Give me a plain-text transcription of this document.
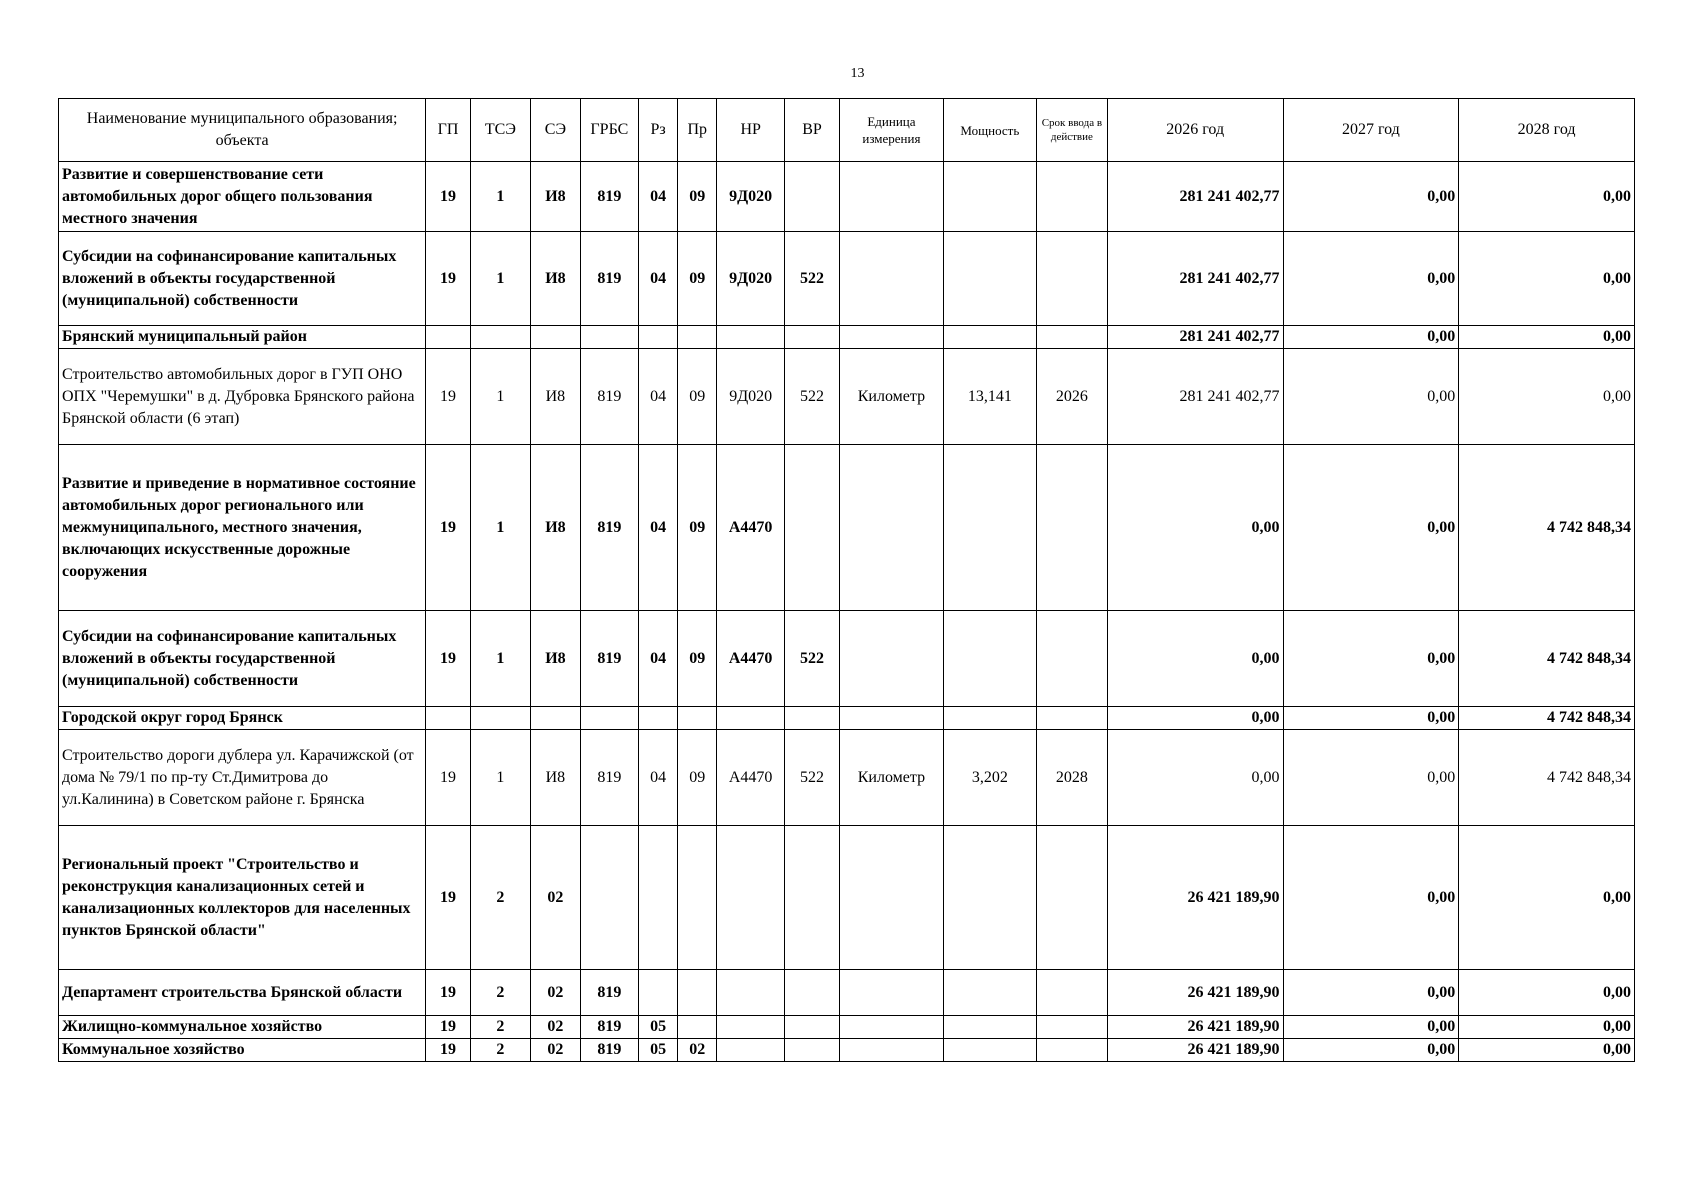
13
Наименование муниципального образования; объекта	ГП	ТСЭ	СЭ	ГРБС	Рз	Пр	НР	ВР	Единица измерения	Мощность	Срок ввода в действие	2026 год	2027 год	2028 год
Развитие и совершенствование сети автомобильных дорог общего пользования местного значения	19	1	И8	819	04	09	9Д020					281 241 402,77	0,00	0,00
Субсидии на софинансирование капитальных вложений в объекты государственной (муниципальной) собственности	19	1	И8	819	04	09	9Д020	522				281 241 402,77	0,00	0,00
Брянский муниципальный район												281 241 402,77	0,00	0,00
Строительство автомобильных дорог в ГУП ОНО ОПХ "Черемушки" в д. Дубровка Брянского района Брянской области (6 этап)	19	1	И8	819	04	09	9Д020	522	Километр	13,141	2026	281 241 402,77	0,00	0,00
Развитие и приведение в нормативное состояние автомобильных дорог регионального или межмуниципального, местного значения, включающих искусственные дорожные сооружения	19	1	И8	819	04	09	А4470					0,00	0,00	4 742 848,34
Субсидии на софинансирование капитальных вложений в объекты государственной (муниципальной) собственности	19	1	И8	819	04	09	А4470	522				0,00	0,00	4 742 848,34
Городской округ город Брянск												0,00	0,00	4 742 848,34
Строительство дороги дублера ул. Карачижской (от дома № 79/1 по пр-ту Ст.Димитрова до ул.Калинина) в Советском районе г. Брянска	19	1	И8	819	04	09	А4470	522	Километр	3,202	2028	0,00	0,00	4 742 848,34
Региональный проект "Строительство и реконструкция канализационных сетей и канализационных коллекторов для населенных пунктов Брянской области"	19	2	02									26 421 189,90	0,00	0,00
Департамент строительства Брянской области	19	2	02	819								26 421 189,90	0,00	0,00
Жилищно-коммунальное хозяйство	19	2	02	819	05							26 421 189,90	0,00	0,00
Коммунальное хозяйство	19	2	02	819	05	02						26 421 189,90	0,00	0,00
